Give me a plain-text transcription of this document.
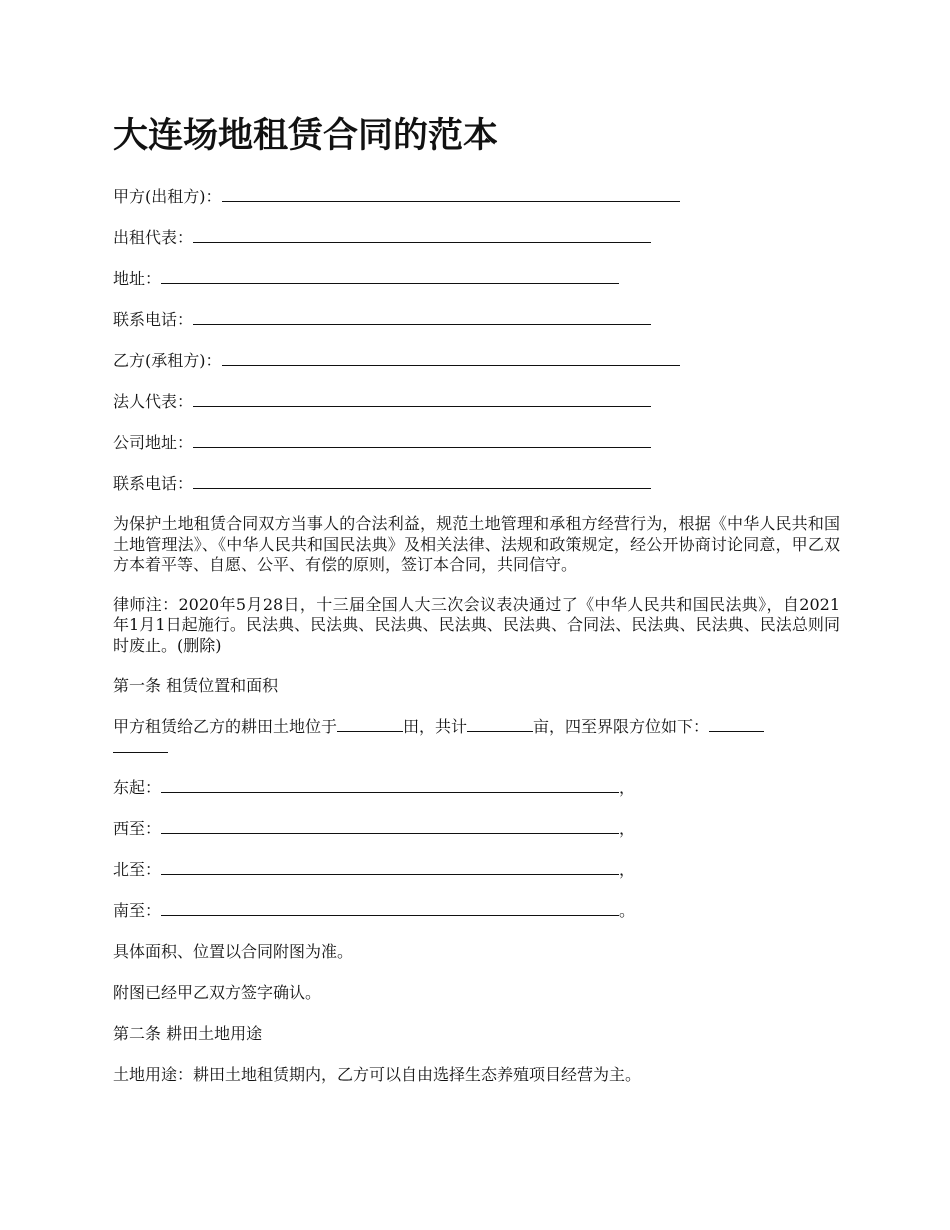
大连场地租赁合同的范本

甲方(出租方)：

出租代表：

地址：

联系电话：

乙方(承租方)：

法人代表：

公司地址：

联系电话：

为保护土地租赁合同双方当事人的合法利益，规范土地管理和承租方经营行为，根据《中华人民共和国土地管理法》、《中华人民共和国民法典》及相关法律、法规和政策规定，经公开协商讨论同意，甲乙双方本着平等、自愿、公平、有偿的原则，签订本合同，共同信守。

律师注：2020年5月28日，十三届全国人大三次会议表决通过了《中华人民共和国民法典》，自2021年1月1日起施行。民法典、民法典、民法典、民法典、民法典、合同法、民法典、民法典、民法总则同时废止。(删除)

第一条 租赁位置和面积

甲方租赁给乙方的耕田土地位于	田，共计	亩，四至界限方位如下：

东起：	，

西至：	，

北至：	，

南至：	。

具体面积、位置以合同附图为准。

附图已经甲乙双方签字确认。

第二条 耕田土地用途

土地用途：耕田土地租赁期内，乙方可以自由选择生态养殖项目经营为主。
